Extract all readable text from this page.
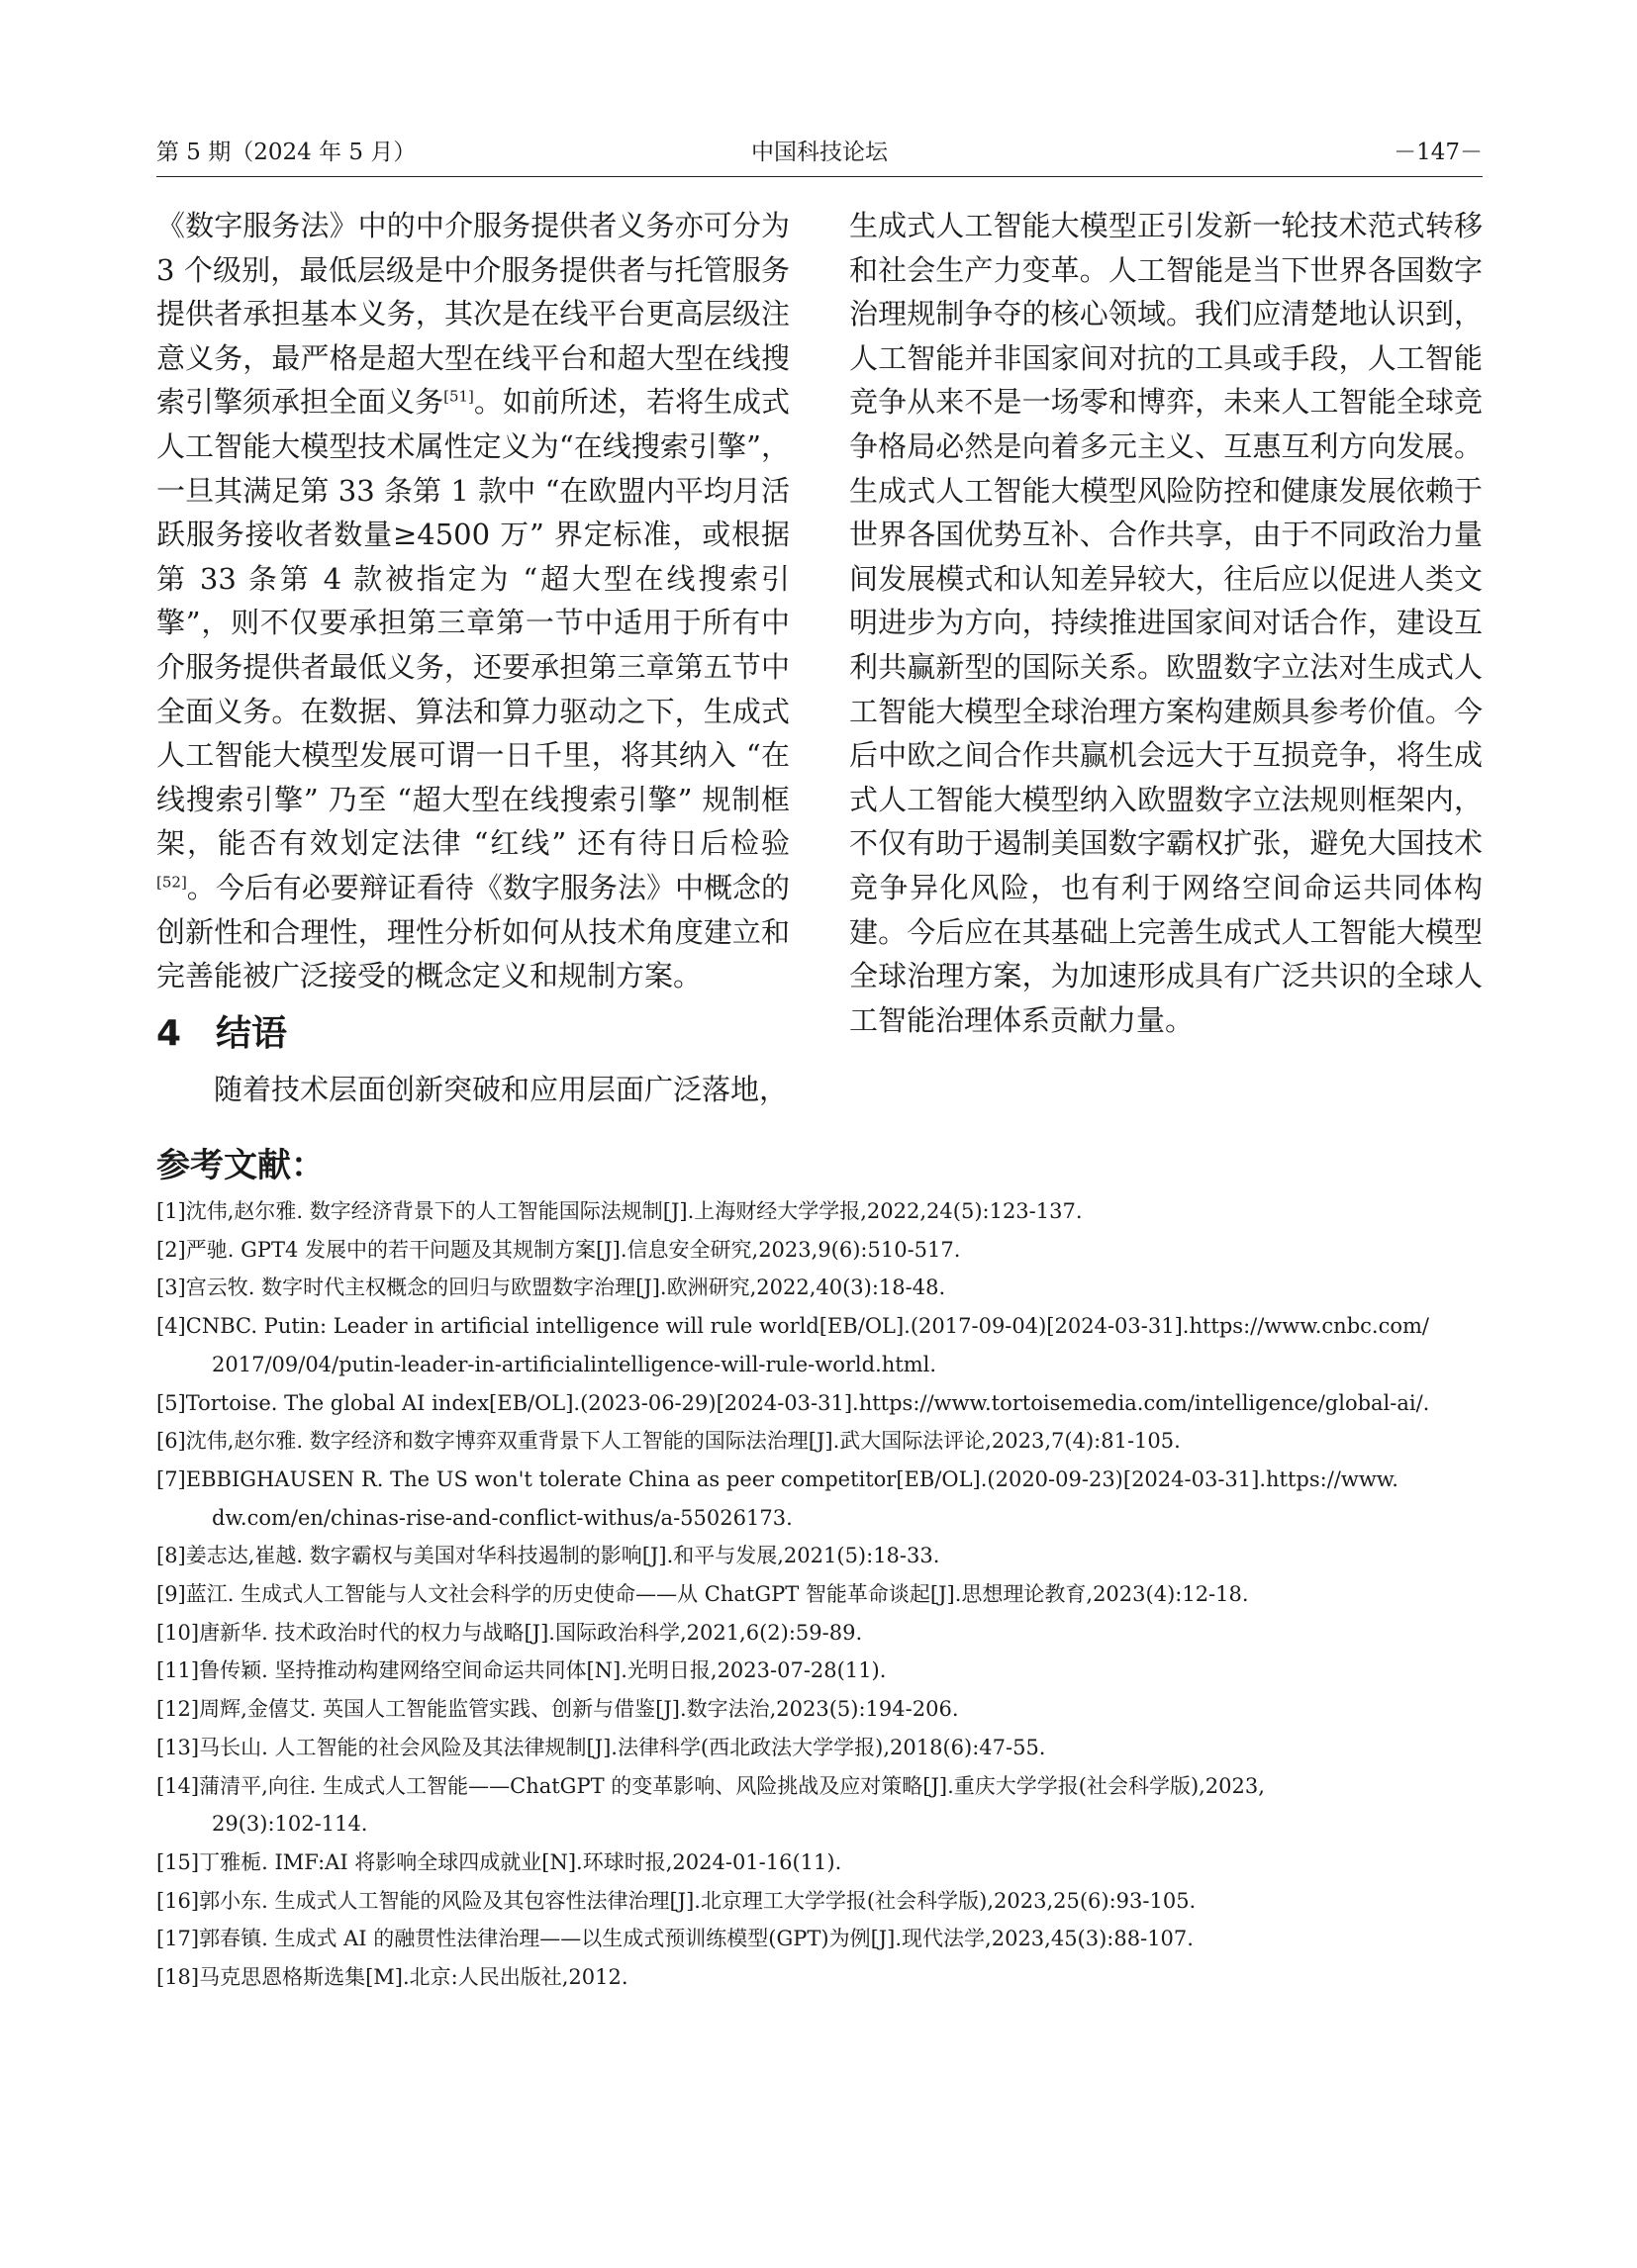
第 5 期（2024 年 5 月）	中国科技论坛	－147－

《数字服务法》中的中介服务提供者义务亦可分为 3 个级别，最低层级是中介服务提供者与托管服务提供者承担基本义务，其次是在线平台更高层级注意义务，最严格是超大型在线平台和超大型在线搜索引擎须承担全面义务[51]。如前所述，若将生成式人工智能大模型技术属性定义为“在线搜索引擎”，一旦其满足第 33 条第 1 款中 “在欧盟内平均月活跃服务接收者数量≥4500 万” 界定标准，或根据第 33 条第 4 款被指定为 “超大型在线搜索引擎”，则不仅要承担第三章第一节中适用于所有中介服务提供者最低义务，还要承担第三章第五节中全面义务。在数据、算法和算力驱动之下，生成式人工智能大模型发展可谓一日千里，将其纳入 “在线搜索引擎” 乃至 “超大型在线搜索引擎” 规制框架，能否有效划定法律 “红线” 还有待日后检验[52]。今后有必要辩证看待《数字服务法》中概念的创新性和合理性，理性分析如何从技术角度建立和完善能被广泛接受的概念定义和规制方案。

4 结语

随着技术层面创新突破和应用层面广泛落地，

生成式人工智能大模型正引发新一轮技术范式转移和社会生产力变革。人工智能是当下世界各国数字治理规制争夺的核心领域。我们应清楚地认识到，人工智能并非国家间对抗的工具或手段，人工智能竞争从来不是一场零和博弈，未来人工智能全球竞争格局必然是向着多元主义、互惠互利方向发展。生成式人工智能大模型风险防控和健康发展依赖于世界各国优势互补、合作共享，由于不同政治力量间发展模式和认知差异较大，往后应以促进人类文明进步为方向，持续推进国家间对话合作，建设互利共赢新型的国际关系。欧盟数字立法对生成式人工智能大模型全球治理方案构建颇具参考价值。今后中欧之间合作共赢机会远大于互损竞争，将生成式人工智能大模型纳入欧盟数字立法规则框架内，不仅有助于遏制美国数字霸权扩张，避免大国技术竞争异化风险，也有利于网络空间命运共同体构建。今后应在其基础上完善生成式人工智能大模型全球治理方案，为加速形成具有广泛共识的全球人工智能治理体系贡献力量。

参考文献：
[1] 沈伟,赵尔雅. 数字经济背景下的人工智能国际法规制[J].上海财经大学学报,2022,24(5):123-137.
[2] 严驰. GPT4 发展中的若干问题及其规制方案[J].信息安全研究,2023,9(6):510-517.
[3] 宫云牧. 数字时代主权概念的回归与欧盟数字治理[J].欧洲研究,2022,40(3):18-48.
[4] CNBC. Putin: Leader in artificial intelligence will rule world[EB/OL].(2017-09-04)[2024-03-31].https://www.cnbc.com/
2017/09/04/putin-leader-in-artificialintelligence-will-rule-world.html.
[5] Tortoise. The global AI index[EB/OL].(2023-06-29)[2024-03-31].https://www.tortoisemedia.com/intelligence/global-ai/.
[6] 沈伟,赵尔雅. 数字经济和数字博弈双重背景下人工智能的国际法治理[J].武大国际法评论,2023,7(4):81-105.
[7] EBBIGHAUSEN R. The US won't tolerate China as peer competitor[EB/OL].(2020-09-23)[2024-03-31].https://www.
dw.com/en/chinas-rise-and-conflict-withus/a-55026173.
[8] 姜志达,崔越. 数字霸权与美国对华科技遏制的影响[J].和平与发展,2021(5):18-33.
[9] 蓝江. 生成式人工智能与人文社会科学的历史使命——从 ChatGPT 智能革命谈起[J].思想理论教育,2023(4):12-18.
[10] 唐新华. 技术政治时代的权力与战略[J].国际政治科学,2021,6(2):59-89.
[11] 鲁传颖. 坚持推动构建网络空间命运共同体[N].光明日报,2023-07-28(11).
[12] 周辉,金僖艾. 英国人工智能监管实践、创新与借鉴[J].数字法治,2023(5):194-206.
[13] 马长山. 人工智能的社会风险及其法律规制[J].法律科学(西北政法大学学报),2018(6):47-55.
[14] 蒲清平,向往. 生成式人工智能——ChatGPT 的变革影响、风险挑战及应对策略[J].重庆大学学报(社会科学版),2023,
29(3):102-114.
[15] 丁雅栀. IMF:AI 将影响全球四成就业[N].环球时报,2024-01-16(11).
[16] 郭小东. 生成式人工智能的风险及其包容性法律治理[J].北京理工大学学报(社会科学版),2023,25(6):93-105.
[17] 郭春镇. 生成式 AI 的融贯性法律治理——以生成式预训练模型(GPT)为例[J].现代法学,2023,45(3):88-107.
[18] 马克思恩格斯选集[M].北京:人民出版社,2012.
